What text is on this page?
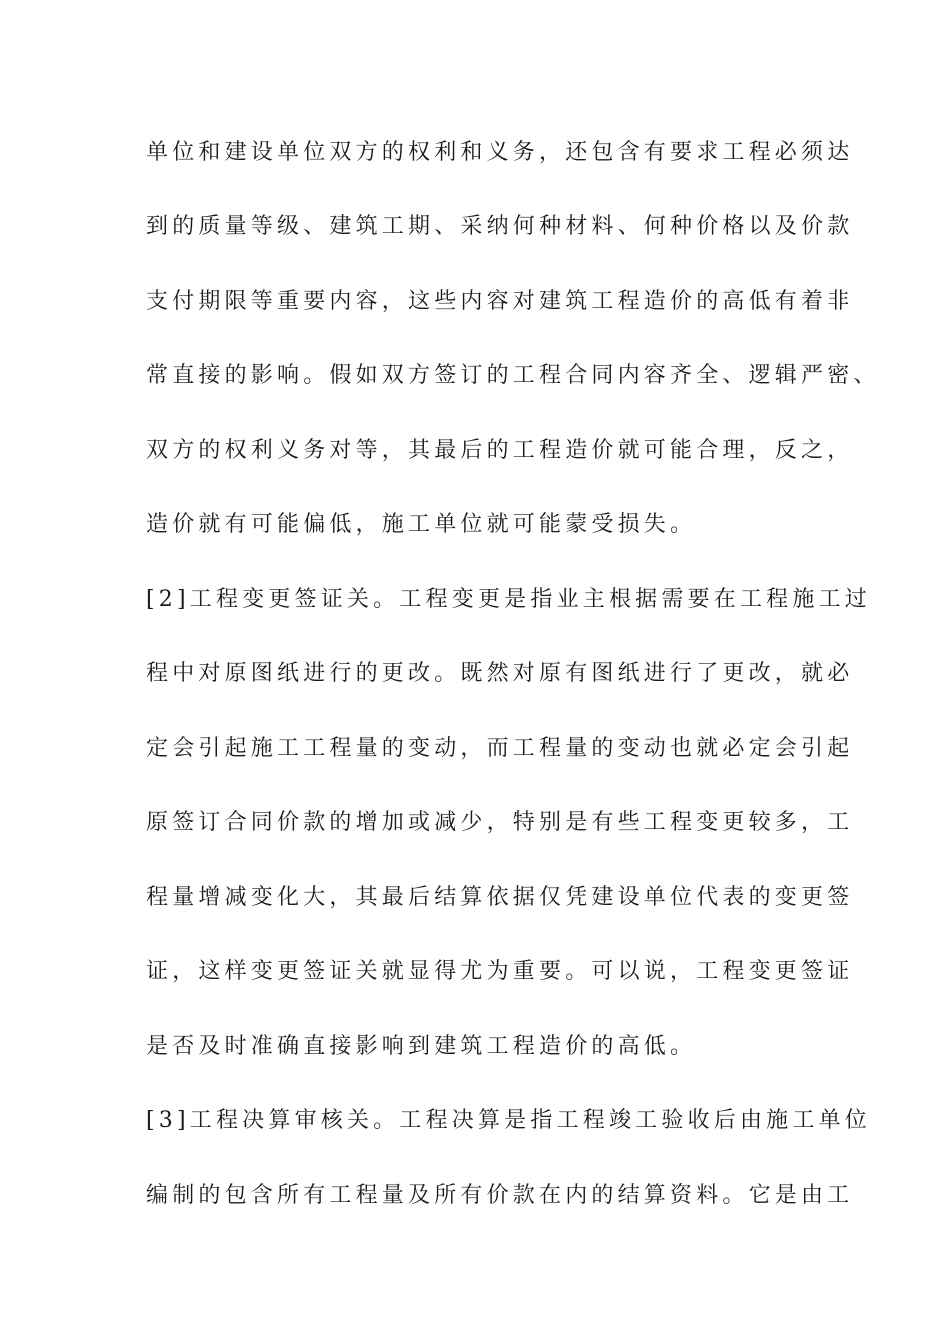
单位和建设单位双方的权利和义务，还包含有要求工程必须达
到的质量等级、建筑工期、采纳何种材料、何种价格以及价款
支付期限等重要内容，这些内容对建筑工程造价的高低有着非
常直接的影响。假如双方签订的工程合同内容齐全、逻辑严密、
双方的权利义务对等，其最后的工程造价就可能合理，反之，
造价就有可能偏低，施工单位就可能蒙受损失。
[2]工程变更签证关。工程变更是指业主根据需要在工程施工过
程中对原图纸进行的更改。既然对原有图纸进行了更改，就必
定会引起施工工程量的变动，而工程量的变动也就必定会引起
原签订合同价款的增加或减少，特别是有些工程变更较多，工
程量增减变化大，其最后结算依据仅凭建设单位代表的变更签
证，这样变更签证关就显得尤为重要。可以说，工程变更签证
是否及时准确直接影响到建筑工程造价的高低。
[3]工程决算审核关。工程决算是指工程竣工验收后由施工单位
编制的包含所有工程量及所有价款在内的结算资料。它是由工
